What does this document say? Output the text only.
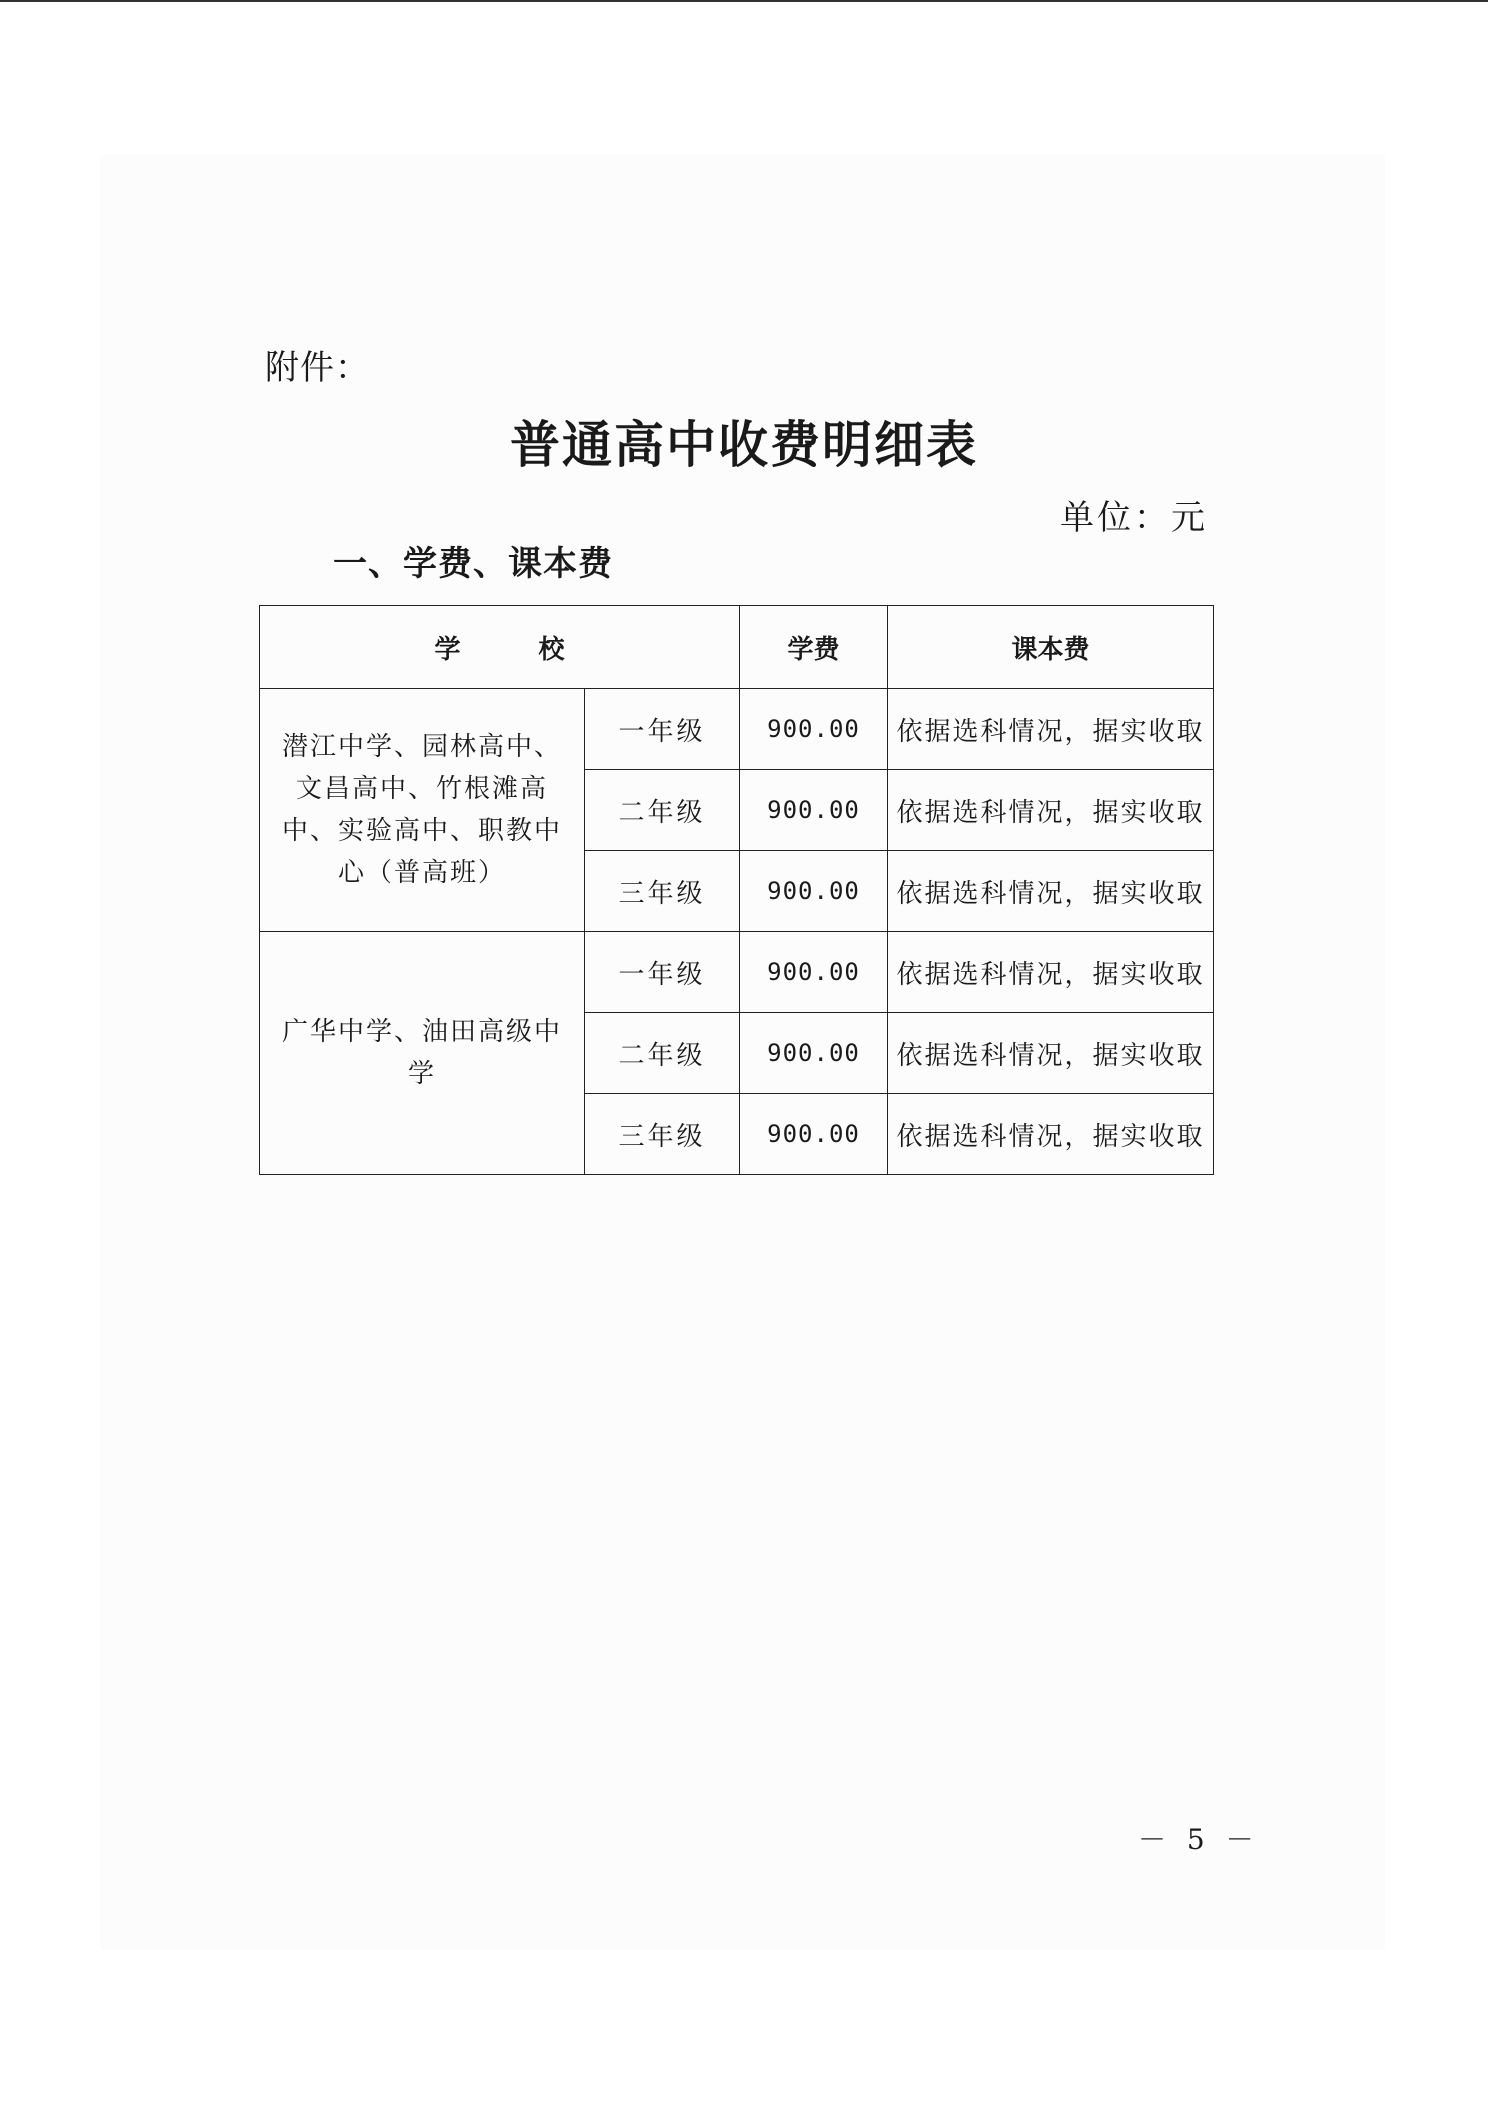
附件：
普通高中收费明细表
单位：元
一、学费、课本费
学　　　校		学费	课本费
潜江中学、园林高中、文昌高中、竹根滩高中、实验高中、职教中心（普高班）	一年级	900.00	依据选科情况，据实收取
	二年级	900.00	依据选科情况，据实收取
	三年级	900.00	依据选科情况，据实收取
广华中学、油田高级中学	一年级	900.00	依据选科情况，据实收取
	二年级	900.00	依据选科情况，据实收取
	三年级	900.00	依据选科情况，据实收取
－ 5 －
